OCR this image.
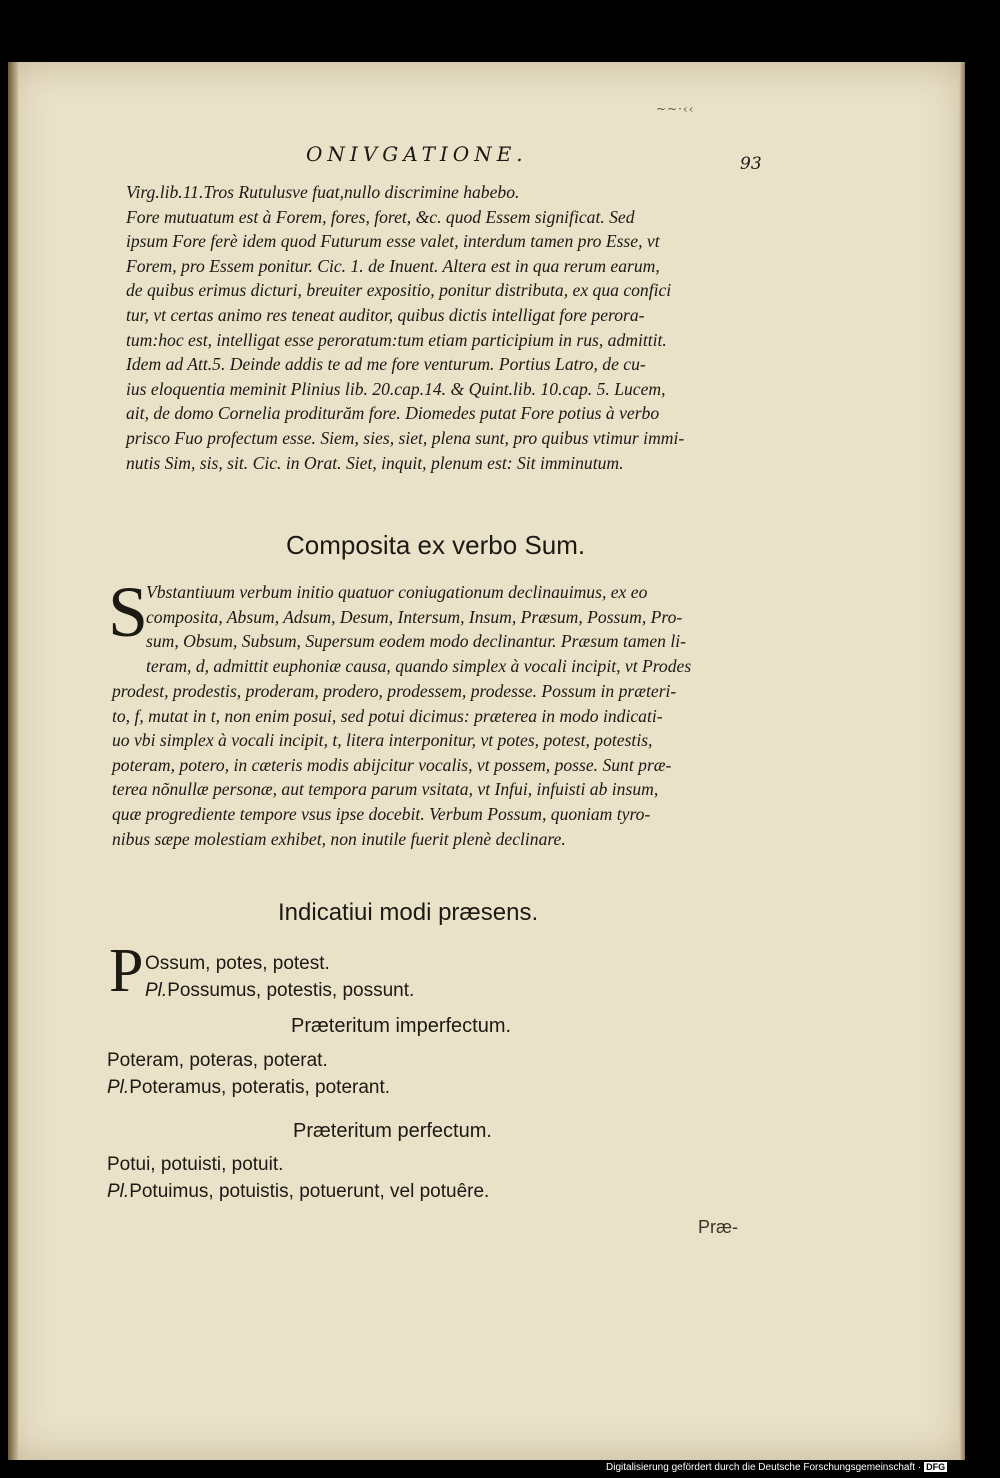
~~·‹‹
ONIVGATIONE.	93
Virg.lib.11.Tros Rutulusve fuat,nullo discrimine habebo.
Fore mutuatum est à Forem, fores, foret, &c. quod Essem significat. Sed
ipsum Fore ferè idem quod Futurum esse valet, interdum tamen pro Esse, vt
Forem, pro Essem ponitur. Cic. 1. de Inuent. Altera est in qua rerum earum,
de quibus erimus dicturi, breuiter expositio, ponitur distributa, ex qua confici
tur, vt certas animo res teneat auditor, quibus dictis intelligat fore perora-
tum:hoc est, intelligat esse peroratum:tum etiam participium in rus, admittit.
Idem ad Att.5. Deinde addis te ad me fore venturum. Portius Latro, de cu-
ius eloquentia meminit Plinius lib. 20.cap.14. & Quint.lib. 10.cap. 5. Lucem,
ait, de domo Cornelia proditurăm fore. Diomedes putat Fore potius à verbo
prisco Fuo profectum esse. Siem, sies, siet, plena sunt, pro quibus vtimur immi-
nutis Sim, sis, sit. Cic. in Orat. Siet, inquit, plenum est: Sit imminutum.
Composita ex verbo Sum.
S
Vbstantiuum verbum initio quatuor coniugationum declinauimus, ex eo
composita, Absum, Adsum, Desum, Intersum, Insum, Præsum, Possum, Pro-
sum, Obsum, Subsum, Supersum eodem modo declinantur. Præsum tamen li-
teram, d, admittit euphoniæ causa, quando simplex à vocali incipit, vt Prodes
prodest, prodestis, proderam, prodero, prodessem, prodesse. Possum in præteri-
to, f, mutat in t, non enim posui, sed potui dicimus: præterea in modo indicati-
uo vbi simplex à vocali incipit, t, litera interponitur, vt potes, potest, potestis,
poteram, potero, in cæteris modis abijcitur vocalis, vt possem, posse. Sunt præ-
terea nõnullæ personæ, aut tempora parum vsitata, vt Infui, infuisti ab insum,
quæ progrediente tempore vsus ipse docebit. Verbum Possum, quoniam tyro-
nibus sæpe molestiam exhibet, non inutile fuerit plenè declinare.
Indicatiui modi præsens.
P Ossum, potes, potest.
Pl.Possumus, potestis, possunt.
Præteritum imperfectum.
Poteram, poteras, poterat.
Pl.Poteramus, poteratis, poterant.
Præteritum perfectum.
Potui, potuisti, potuit.
Pl.Potuimus, potuistis, potuerunt, vel potuêre.
Præ-
Digitalisierung gefördert durch die Deutsche Forschungsgemeinschaft · DFG
